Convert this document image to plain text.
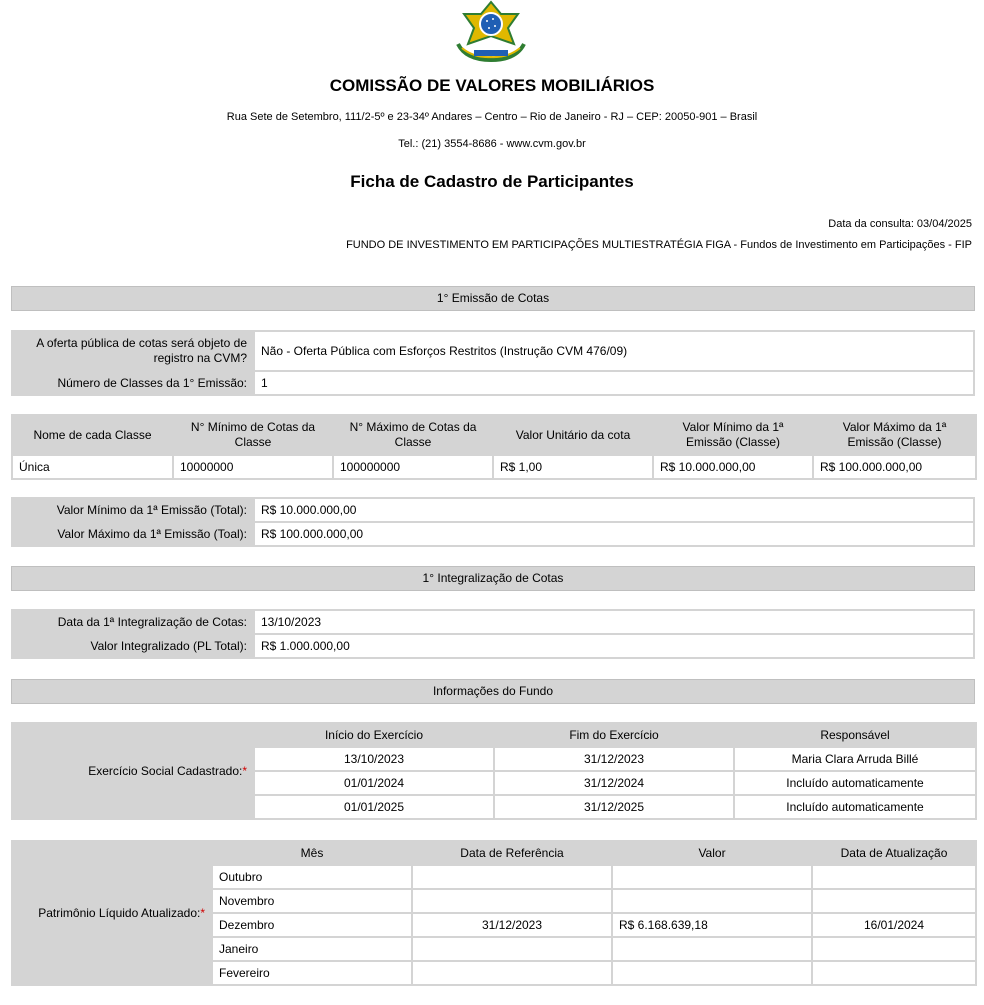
COMISSÃO DE VALORES MOBILIÁRIOS
Rua Sete de Setembro, 111/2-5º e 23-34º Andares – Centro – Rio de Janeiro - RJ – CEP: 20050-901 – Brasil
Tel.: (21) 3554-8686 - www.cvm.gov.br
Ficha de Cadastro de Participantes
Data da consulta: 03/04/2025
FUNDO DE INVESTIMENTO EM PARTICIPAÇÕES MULTIESTRATÉGIA FIGA - Fundos de Investimento em Participações - FIP
1° Emissão de Cotas
A oferta pública de cotas será objeto de registro na CVM?	Não - Oferta Pública com Esforços Restritos (Instrução CVM 476/09)
Número de Classes da 1° Emissão:	1
Nome de cada Classe	N° Mínimo de Cotas da Classe	N° Máximo de Cotas da Classe	Valor Unitário da cota	Valor Mínimo da 1ª Emissão (Classe)	Valor Máximo da 1ª Emissão (Classe)
Única	10000000	100000000	R$ 1,00	R$ 10.000.000,00	R$ 100.000.000,00
Valor Mínimo da 1ª Emissão (Total):	R$ 10.000.000,00
Valor Máximo da 1ª Emissão (Toal):	R$ 100.000.000,00
1° Integralização de Cotas
Data da 1ª Integralização de Cotas:	13/10/2023
Valor Integralizado (PL Total):	R$ 1.000.000,00
Informações do Fundo
Exercício Social Cadastrado:*	Início do Exercício	Fim do Exercício	Responsável
	13/10/2023	31/12/2023	Maria Clara Arruda Billé
	01/01/2024	31/12/2024	Incluído automaticamente
	01/01/2025	31/12/2025	Incluído automaticamente
Patrimônio Líquido Atualizado:*	Mês	Data de Referência	Valor	Data de Atualização
	Outubro			
	Novembro			
	Dezembro	31/12/2023	R$ 6.168.639,18	16/01/2024
	Janeiro			
	Fevereiro			
